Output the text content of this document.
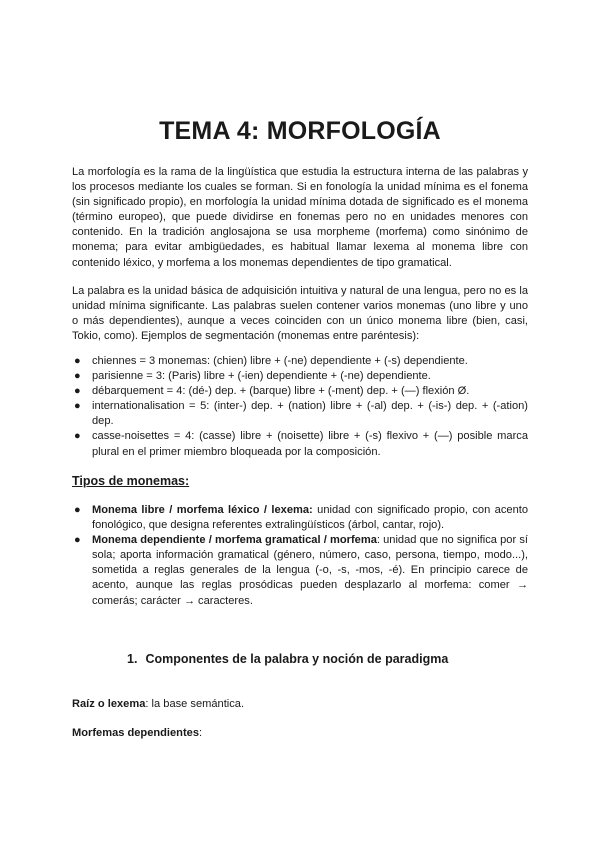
TEMA 4: MORFOLOGÍA

La morfología es la rama de la lingüística que estudia la estructura interna de las palabras y los procesos mediante los cuales se forman. Si en fonología la unidad mínima es el fonema (sin significado propio), en morfología la unidad mínima dotada de significado es el monema (término europeo), que puede dividirse en fonemas pero no en unidades menores con contenido. En la tradición anglosajona se usa morpheme (morfema) como sinónimo de monema; para evitar ambigüedades, es habitual llamar lexema al monema libre con contenido léxico, y morfema a los monemas dependientes de tipo gramatical.

La palabra es la unidad básica de adquisición intuitiva y natural de una lengua, pero no es la unidad mínima significante. Las palabras suelen contener varios monemas (uno libre y uno o más dependientes), aunque a veces coinciden con un único monema libre (bien, casi, Tokio, como). Ejemplos de segmentación (monemas entre paréntesis):

● chiennes = 3 monemas: (chien) libre + (-ne) dependiente + (-s) dependiente.
● parisienne = 3: (Paris) libre + (-ien) dependiente + (-ne) dependiente.
● débarquement = 4: (dé-) dep. + (barque) libre + (-ment) dep. + (—) flexión Ø.
● internationalisation = 5: (inter-) dep. + (nation) libre + (-al) dep. + (-is-) dep. + (-ation) dep.
● casse-noisettes = 4: (casse) libre + (noisette) libre + (-s) flexivo + (—) posible marca plural en el primer miembro bloqueada por la composición.

Tipos de monemas:

● Monema libre / morfema léxico / lexema: unidad con significado propio, con acento fonológico, que designa referentes extralingüísticos (árbol, cantar, rojo).
● Monema dependiente / morfema gramatical / morfema: unidad que no significa por sí sola; aporta información gramatical (género, número, caso, persona, tiempo, modo...), sometida a reglas generales de la lengua (-o, -s, -mos, -é). En principio carece de acento, aunque las reglas prosódicas pueden desplazarlo al morfema: comer → comerás; carácter → caracteres.
1. Componentes de la palabra y noción de paradigma

Raíz o lexema: la base semántica.

Morfemas dependientes:
